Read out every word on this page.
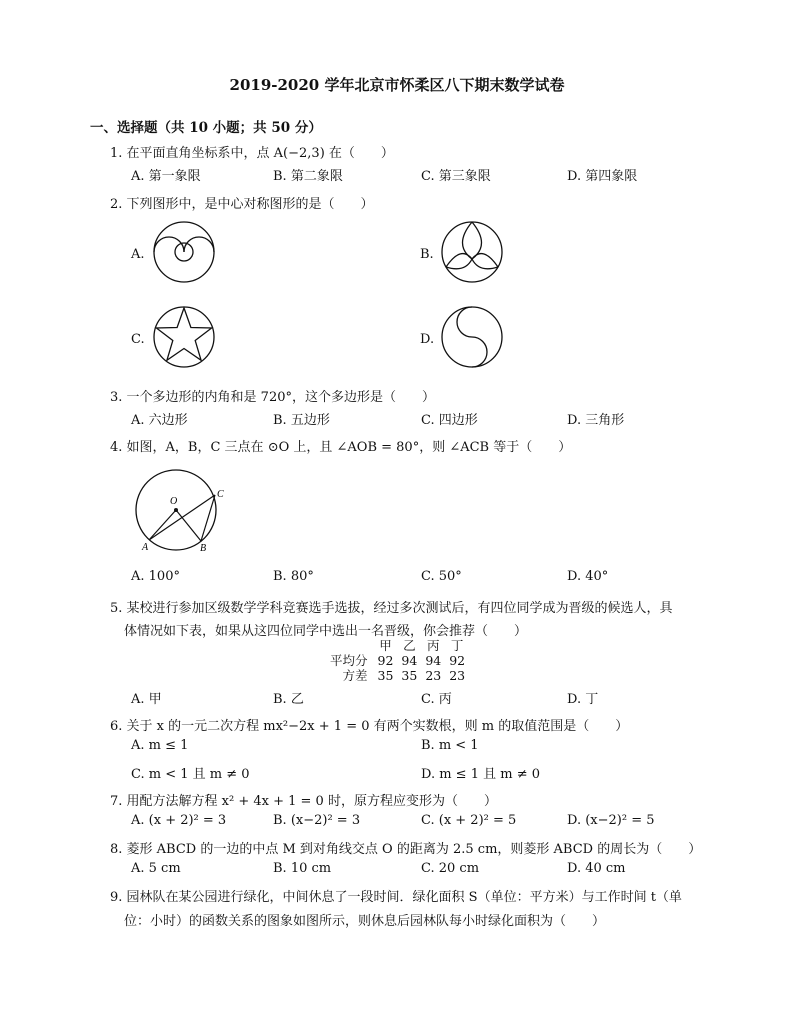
2019-2020 学年北京市怀柔区八下期末数学试卷
一、选择题（共 10 小题；共 50 分）
1. 在平面直角坐标系中，点 A(−2,3) 在（　　）
A. 第一象限	B. 第二象限	C. 第三象限	D. 第四象限
2. 下列图形中，是中心对称图形的是（　　）
A.	B.
C.	D.
3. 一个多边形的内角和是 720°，这个多边形是（　　）
A. 六边形	B. 五边形	C. 四边形	D. 三角形
4. 如图，A，B，C 三点在 ⊙O 上，且 ∠AOB = 80°，则 ∠ACB 等于（　　）
O
C
A	B
A. 100°	B. 80°	C. 50°	D. 40°
5. 某校进行参加区级数学学科竞赛选手选拔，经过多次测试后，有四位同学成为晋级的候选人，具
体情况如下表，如果从这四位同学中选出一名晋级，你会推荐（　　）
	甲	乙	丙	丁
平均分	92	94	94	92
方差	35	35	23	23
A. 甲	B. 乙	C. 丙	D. 丁
6. 关于 x 的一元二次方程 mx²−2x + 1 = 0 有两个实数根，则 m 的取值范围是（　　）
A. m ≤ 1	B. m < 1
C. m < 1 且 m ≠ 0	D. m ≤ 1 且 m ≠ 0
7. 用配方法解方程 x² + 4x + 1 = 0 时，原方程应变形为（　　）
A. (x + 2)² = 3	B. (x−2)² = 3	C. (x + 2)² = 5	D. (x−2)² = 5
8. 菱形 ABCD 的一边的中点 M 到对角线交点 O 的距离为 2.5 cm，则菱形 ABCD 的周长为（　　）
A. 5 cm	B. 10 cm	C. 20 cm	D. 40 cm
9. 园林队在某公园进行绿化，中间休息了一段时间．绿化面积 S（单位：平方米）与工作时间 t（单
位：小时）的函数关系的图象如图所示，则休息后园林队每小时绿化面积为（　　）
